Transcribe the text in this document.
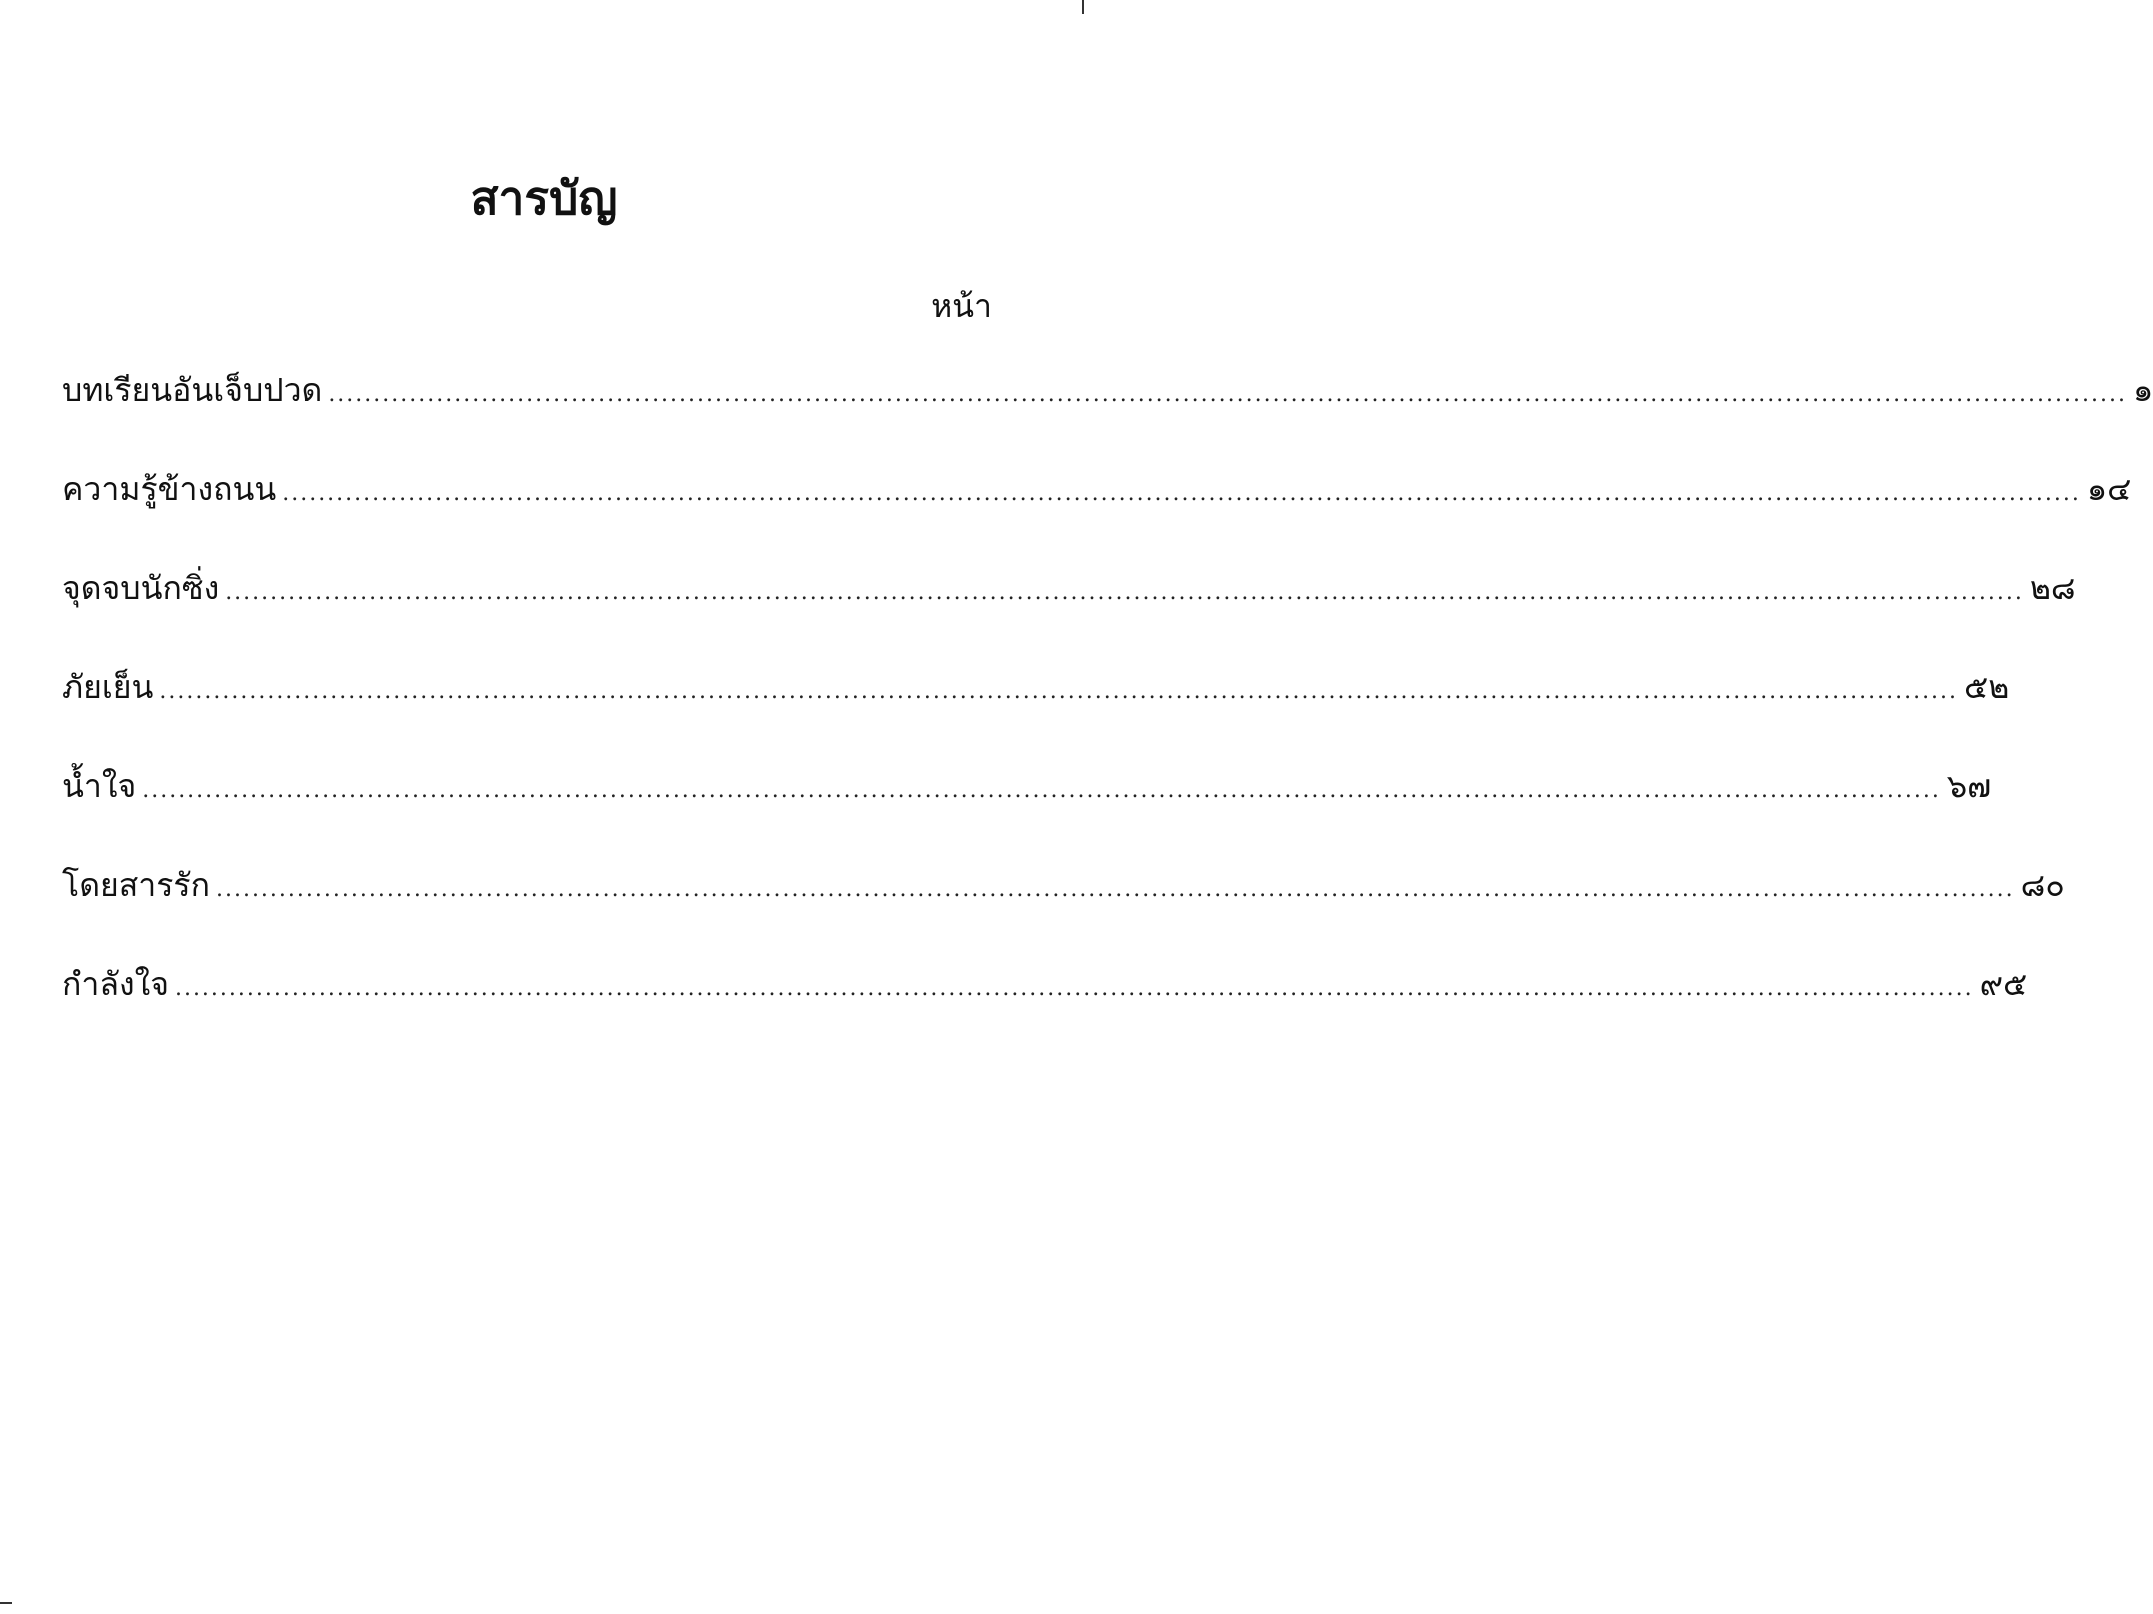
สารบัญ
หน้า
บทเรียนอันเจ็บปวด ........................................................................................................................................................................................................ ๑
ความรู้ข้างถนน ........................................................................................................................................................................................................ ๑๔
จุดจบนักซิ่ง ........................................................................................................................................................................................................ ๒๘
ภัยเย็น ........................................................................................................................................................................................................ ๕๒
น้ำใจ ........................................................................................................................................................................................................ ๖๗
โดยสารรัก ........................................................................................................................................................................................................ ๘๐
กำลังใจ ........................................................................................................................................................................................................ ๙๕
